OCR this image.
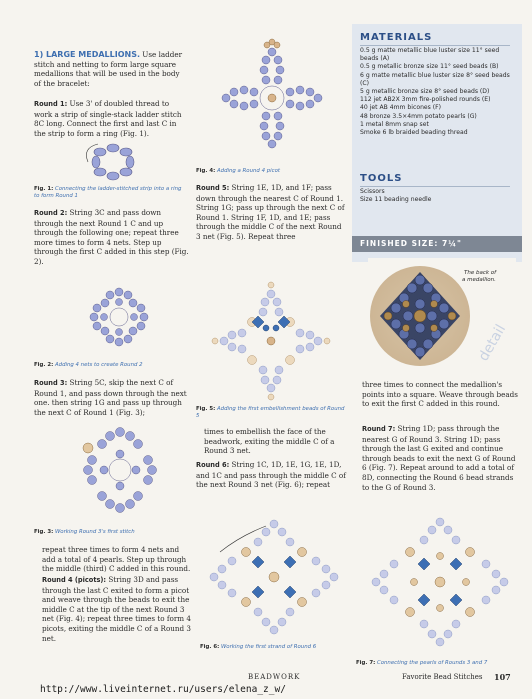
1) LARGE MEDALLIONS. Use ladder stitch and netting to form large square medallions that will be used in the body of the bracelet:
Round 1: Use 3' of doubled thread to work a strip of single-stack ladder stitch 8C long. Connect the first and last C in the strip to form a ring (Fig. 1).
Fig. 1: Connecting the ladder-stitched strip into a ring to form Round 1
Round 2: String 3C and pass down through the next Round 1 C and up through the following one; repeat three more times to form 4 nets. Step up through the first C added in this step (Fig. 2).
Fig. 2: Adding 4 nets to create Round 2
Round 3: String 5C, skip the next C of Round 1, and pass down through the next one. then string 1G and pass up through the next C of Round 1 (Fig. 3);
Fig. 3: Working Round 3's first stitch
repeat three times to form 4 nets and add a total of 4 pearls. Step up through the middle (third) C added in this round.
Round 4 (picots): String 3D and pass through the last C exited to form a picot and weave through the beads to exit the middle C at the tip of the next Round 3 net (Fig. 4); repeat three times to form 4 picots, exiting the middle C of a Round 3 net.
Fig. 4: Adding a Round 4 picot
Round 5: String 1E, 1D, and 1F; pass down through the nearest C of Round 1. String 1G; pass up through the next C of Round 1. String 1F, 1D, and 1E; pass through the middle C of the next Round 3 net (Fig. 5). Repeat three
Fig. 5: Adding the first embellishment beads of Round 5
times to embellish the face of the beadwork, exiting the middle C of a Round 3 net.
Round 6: String 1C, 1D, 1E, 1G, 1E, 1D, and 1C and pass through the middle C of the next Round 3 net (Fig. 6); repeat
Fig. 6: Working the first strand of Round 6
MATERIALS
0.5 g matte metallic blue luster size 11° seed beads (A)
0.5 g metallic bronze size 11° seed beads (B)
6 g matte metallic blue luster size 8° seed beads (C)
5 g metallic bronze size 8° seed beads (D)
112 jet AB2X 3mm fire-polished rounds (E)
40 jet AB 4mm bicones (F)
48 bronze 3.5×4mm potato pearls (G)
1 metal 8mm snap set
Smoke 6 lb braided beading thread
TOOLS
Scissors
Size 11 beading needle
FINISHED SIZE: 7¼"
The back of
a medallion.
detail
three times to connect the medallion's points into a square. Weave through beads to exit the first C added in this round.
Round 7: String 1D; pass through the nearest G of Round 3. String 1D; pass through the last G exited and continue through beads to exit the next G of Round 6 (Fig. 7). Repeat around to add a total of 8D, connecting the Round 6 bead strands to the G of Round 3.
Fig. 7: Connecting the pearls of Rounds 3 and 7
BEADWORK	Favorite Bead Stitches 107
http://www.liveinternet.ru/users/elena_z_w/
